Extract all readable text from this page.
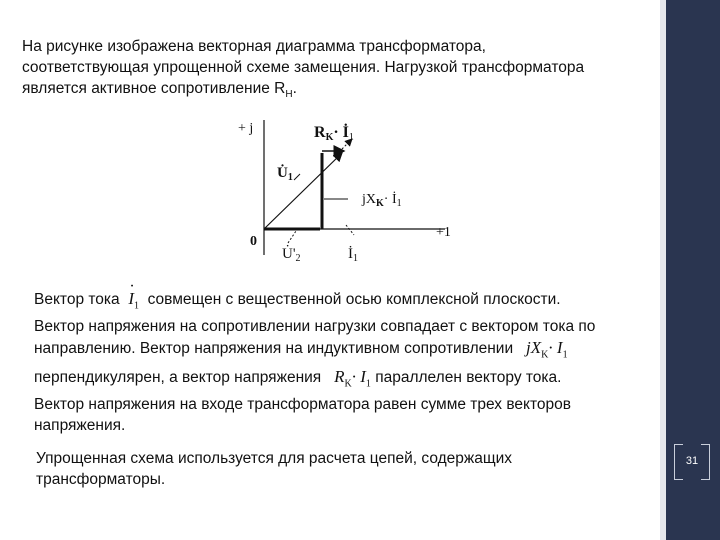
На рисунке изображена векторная диаграмма трансформатора,
соответствующая упрощенной схеме замещения. Нагрузкой трансформатора
является активное сопротивление $R_Н$.

+ j
+1
0
RK· İ1
$U̇_1$
$jX_K\cdot$ $İ_1$
$U̇'_2$	$İ_1$

Вектор тока  · $I_1$ совмещен с вещественной осью комплексной плоскости.
Вектор напряжения на сопротивлении нагрузки совпадает с вектором тока по
направлению. Вектор напряжения на индуктивном сопротивлении $jX_K\cdot I_1$
перпендикулярен, а вектор напряжения $R_K\cdot I_1$ параллелен вектору тока.
Вектор напряжения на входе трансформатора равен сумме трех векторов
напряжения.

Упрощенная схема используется для расчета цепей, содержащих
трансформаторы.

31
